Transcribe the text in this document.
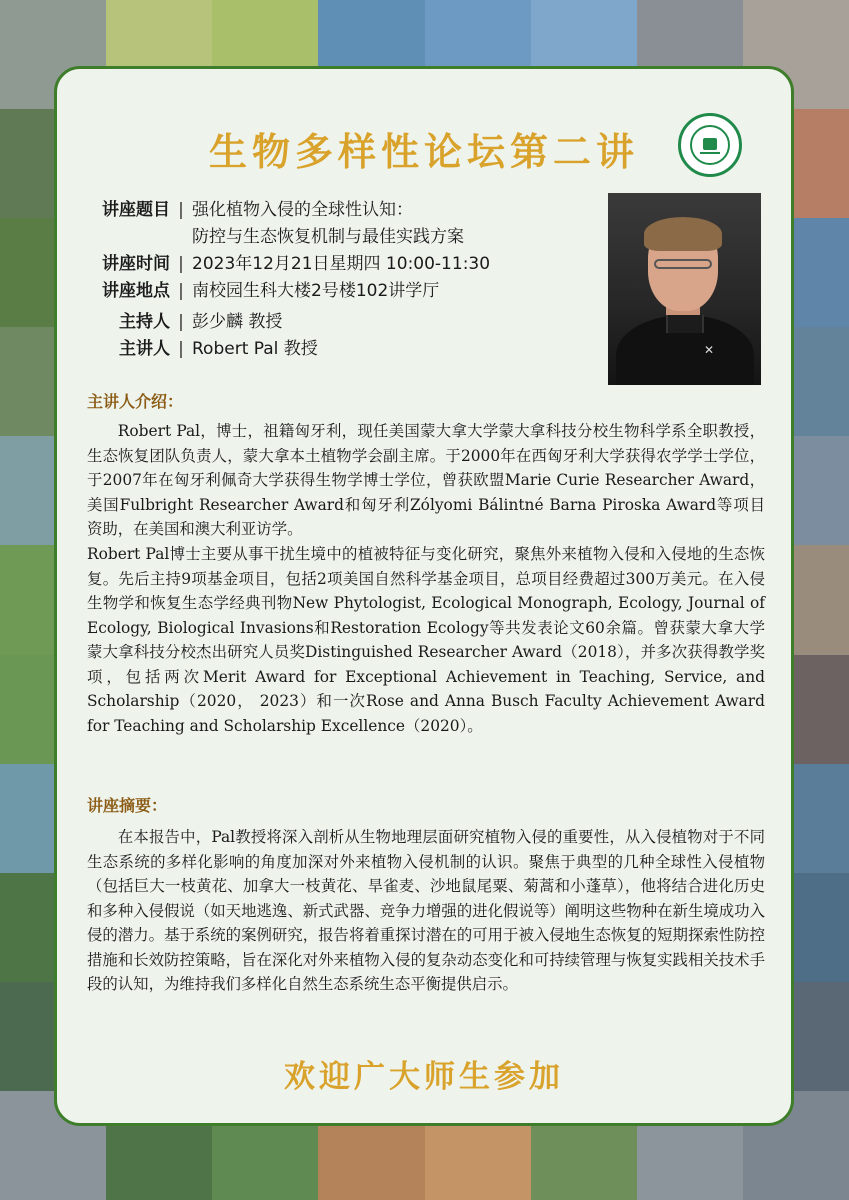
生物多样性论坛第二讲
讲座题目 | 强化植物入侵的全球性认知：
防控与生态恢复机制与最佳实践方案
讲座时间 | 2023年12月21日星期四 10:00-11:30
讲座地点 | 南校园生科大楼2号楼102讲学厅
主持人 | 彭少麟 教授
主讲人 | Robert Pal 教授	✕
主讲人介绍：

Robert Pal，博士，祖籍匈牙利，现任美国蒙大拿大学蒙大拿科技分校生物科学系全职教授，生态恢复团队负责人，蒙大拿本土植物学会副主席。于2000年在西匈牙利大学获得农学学士学位，于2007年在匈牙利佩奇大学获得生物学博士学位，曾获欧盟Marie Curie Researcher Award，美国Fulbright Researcher Award和匈牙利Zólyomi Bálintné Barna Piroska Award等项目资助，在美国和澳大利亚访学。

Robert Pal博士主要从事干扰生境中的植被特征与变化研究，聚焦外来植物入侵和入侵地的生态恢复。先后主持9项基金项目，包括2项美国自然科学基金项目，总项目经费超过300万美元。在入侵生物学和恢复生态学经典刊物New Phytologist, Ecological Monograph, Ecology, Journal of Ecology, Biological Invasions和Restoration Ecology等共发表论文60余篇。曾获蒙大拿大学蒙大拿科技分校杰出研究人员奖Distinguished Researcher Award（2018），并多次获得教学奖项，包括两次Merit Award for Exceptional Achievement in Teaching, Service, and Scholarship（2020， 2023）和一次Rose and Anna Busch Faculty Achievement Award for Teaching and Scholarship Excellence（2020）。

讲座摘要：

在本报告中，Pal教授将深入剖析从生物地理层面研究植物入侵的重要性，从入侵植物对于不同生态系统的多样化影响的角度加深对外来植物入侵机制的认识。聚焦于典型的几种全球性入侵植物（包括巨大一枝黄花、加拿大一枝黄花、旱雀麦、沙地鼠尾粟、菊蒿和小蓬草），他将结合进化历史和多种入侵假说（如天地逃逸、新式武器、竞争力增强的进化假说等）阐明这些物种在新生境成功入侵的潜力。基于系统的案例研究，报告将着重探讨潜在的可用于被入侵地生态恢复的短期探索性防控措施和长效防控策略，旨在深化对外来植物入侵的复杂动态变化和可持续管理与恢复实践相关技术手段的认知，为维持我们多样化自然生态系统生态平衡提供启示。

欢迎广大师生参加
